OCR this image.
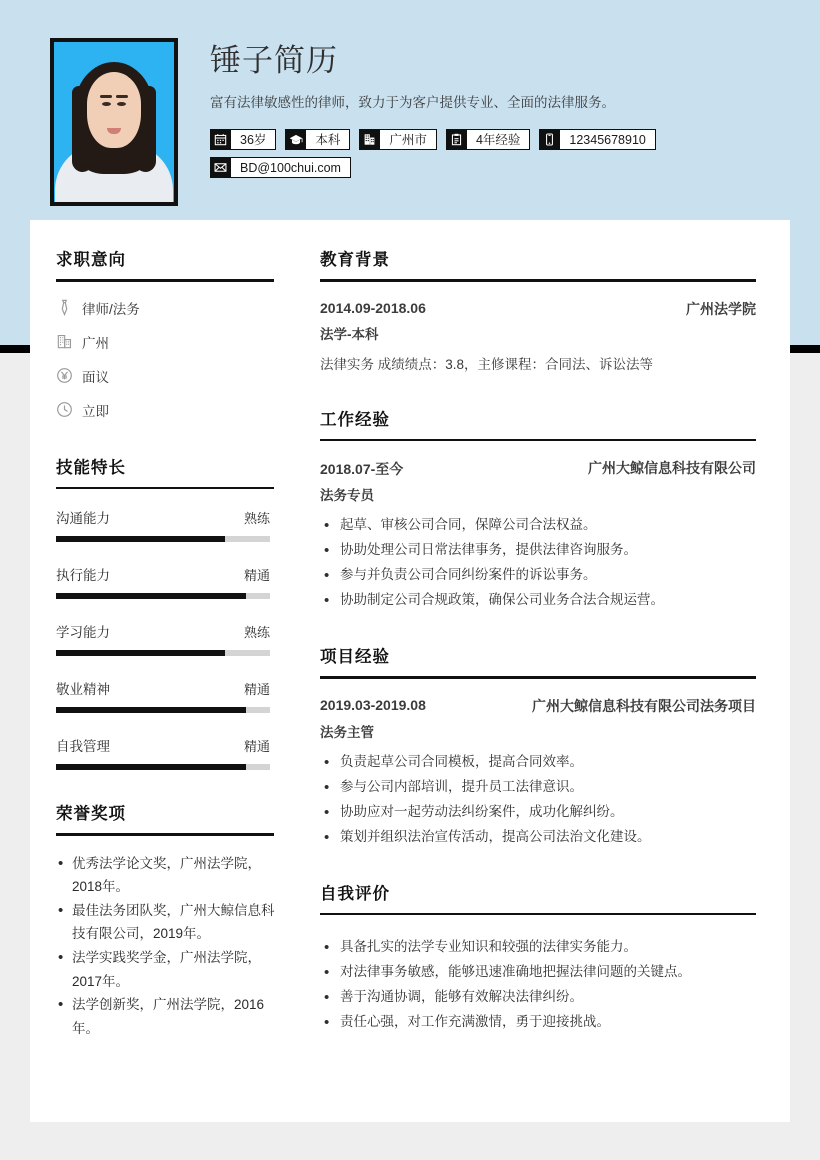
锤子简历
富有法律敏感性的律师，致力于为客户提供专业、全面的法律服务。
36岁	本科	广州市	4年经验	12345678910
BD@100chui.com
求职意向
律师/法务
广州
面议
立即
技能特长
沟通能力	熟练
执行能力	精通
学习能力	熟练
敬业精神	精通
自我管理	精通
荣誉奖项
• 优秀法学论文奖，广州法学院，2018年。
• 最佳法务团队奖，广州大鲸信息科技有限公司，2019年。
• 法学实践奖学金，广州法学院，2017年。
• 法学创新奖，广州法学院，2016年。
教育背景
2014.09-2018.06	广州法学院
法学-本科
法律实务 成绩绩点：3.8，主修课程：合同法、诉讼法等
工作经验
2018.07-至今	广州大鲸信息科技有限公司
法务专员
• 起草、审核公司合同，保障公司合法权益。
• 协助处理公司日常法律事务，提供法律咨询服务。
• 参与并负责公司合同纠纷案件的诉讼事务。
• 协助制定公司合规政策，确保公司业务合法合规运营。
项目经验
2019.03-2019.08	广州大鲸信息科技有限公司法务项目
法务主管
• 负责起草公司合同模板，提高合同效率。
• 参与公司内部培训，提升员工法律意识。
• 协助应对一起劳动法纠纷案件，成功化解纠纷。
• 策划并组织法治宣传活动，提高公司法治文化建设。
自我评价
• 具备扎实的法学专业知识和较强的法律实务能力。
• 对法律事务敏感，能够迅速准确地把握法律问题的关键点。
• 善于沟通协调，能够有效解决法律纠纷。
• 责任心强，对工作充满激情，勇于迎接挑战。
